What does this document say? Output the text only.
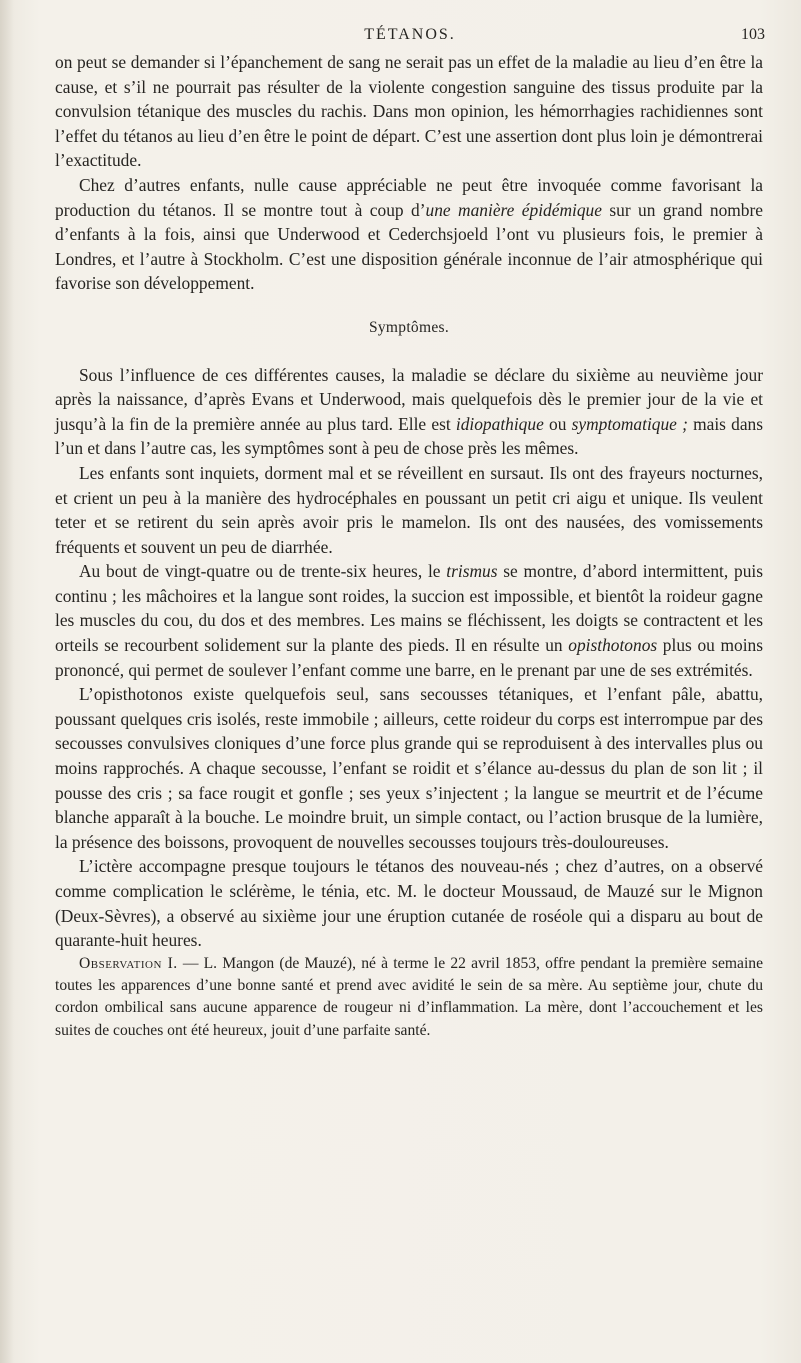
TÉTANOS.	103

on peut se demander si l’épanchement de sang ne serait pas un effet de la maladie au lieu d’en être la cause, et s’il ne pourrait pas résulter de la violente congestion sanguine des tissus produite par la convulsion tétanique des muscles du rachis. Dans mon opinion, les hémorrhagies rachidiennes sont l’effet du tétanos au lieu d’en être le point de départ. C’est une assertion dont plus loin je démontrerai l’exactitude.

Chez d’autres enfants, nulle cause appréciable ne peut être invoquée comme favorisant la production du tétanos. Il se montre tout à coup d’une manière épidémique sur un grand nombre d’enfants à la fois, ainsi que Underwood et Cederchsjoeld l’ont vu plusieurs fois, le premier à Londres, et l’autre à Stockholm. C’est une disposition générale inconnue de l’air atmosphérique qui favorise son développement.

Symptômes.

Sous l’influence de ces différentes causes, la maladie se déclare du sixième au neuvième jour après la naissance, d’après Evans et Underwood, mais quelquefois dès le premier jour de la vie et jusqu’à la fin de la première année au plus tard. Elle est idiopathique ou symptomatique ; mais dans l’un et dans l’autre cas, les symptômes sont à peu de chose près les mêmes.

Les enfants sont inquiets, dorment mal et se réveillent en sursaut. Ils ont des frayeurs nocturnes, et crient un peu à la manière des hydrocéphales en poussant un petit cri aigu et unique. Ils veulent teter et se retirent du sein après avoir pris le mamelon. Ils ont des nausées, des vomissements fréquents et souvent un peu de diarrhée.

Au bout de vingt-quatre ou de trente-six heures, le trismus se montre, d’abord intermittent, puis continu ; les mâchoires et la langue sont roides, la succion est impossible, et bientôt la roideur gagne les muscles du cou, du dos et des membres. Les mains se fléchissent, les doigts se contractent et les orteils se recourbent solidement sur la plante des pieds. Il en résulte un opisthotonos plus ou moins prononcé, qui permet de soulever l’enfant comme une barre, en le prenant par une de ses extrémités.

L’opisthotonos existe quelquefois seul, sans secousses tétaniques, et l’enfant pâle, abattu, poussant quelques cris isolés, reste immobile ; ailleurs, cette roideur du corps est interrompue par des secousses convulsives cloniques d’une force plus grande qui se reproduisent à des intervalles plus ou moins rapprochés. A chaque secousse, l’enfant se roidit et s’élance au-dessus du plan de son lit ; il pousse des cris ; sa face rougit et gonfle ; ses yeux s’injectent ; la langue se meurtrit et de l’écume blanche apparaît à la bouche. Le moindre bruit, un simple contact, ou l’action brusque de la lumière, la présence des boissons, provoquent de nouvelles secousses toujours très-douloureuses.

L’ictère accompagne presque toujours le tétanos des nouveau-nés ; chez d’autres, on a observé comme complication le sclérème, le ténia, etc. M. le docteur Moussaud, de Mauzé sur le Mignon (Deux-Sèvres), a observé au sixième jour une éruption cutanée de roséole qui a disparu au bout de quarante-huit heures.

Observation I. — L. Mangon (de Mauzé), né à terme le 22 avril 1853, offre pendant la première semaine toutes les apparences d’une bonne santé et prend avec avidité le sein de sa mère. Au septième jour, chute du cordon ombilical sans aucune apparence de rougeur ni d’inflammation. La mère, dont l’accouchement et les suites de couches ont été heureux, jouit d’une parfaite santé.
